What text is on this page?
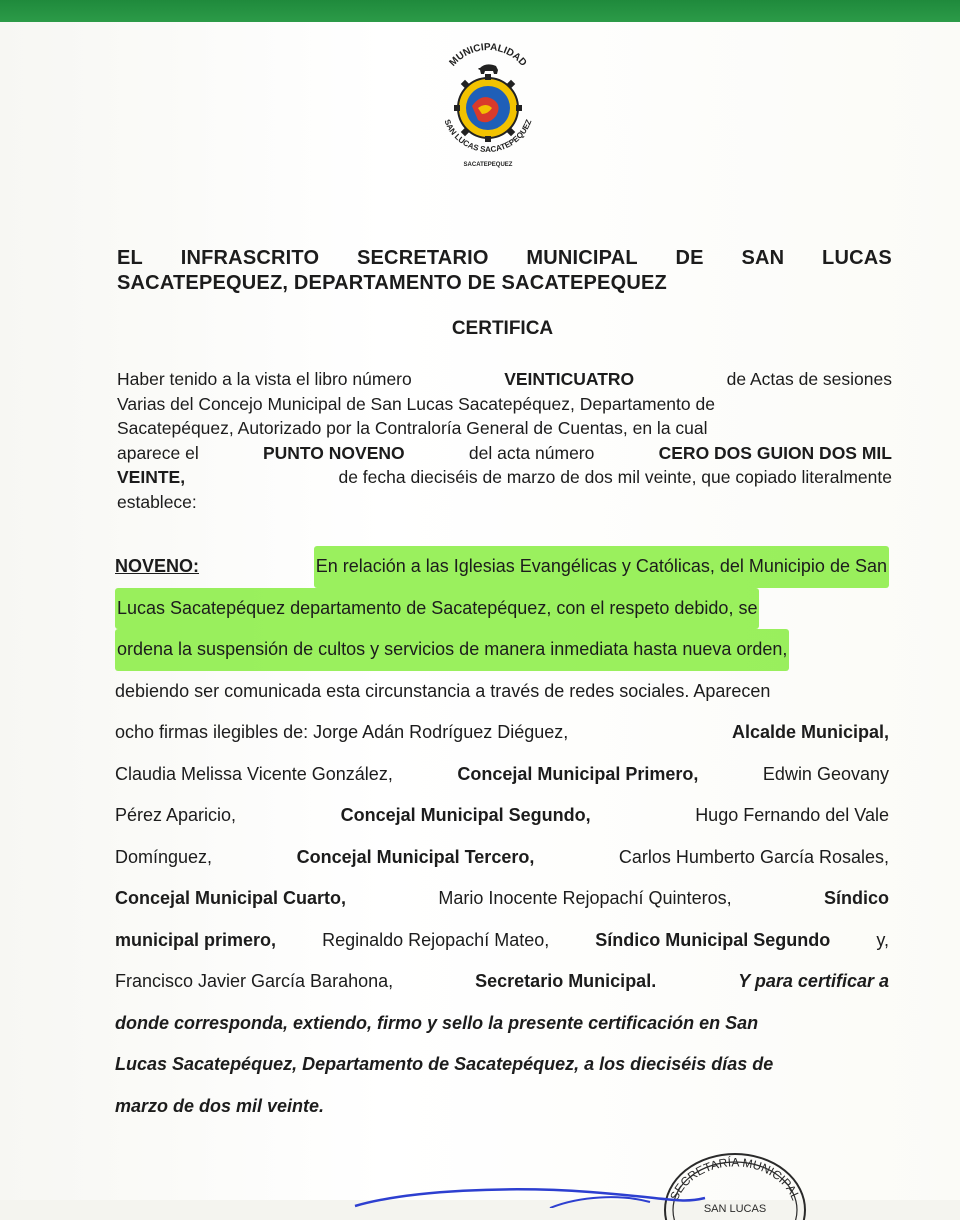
MUNICIPALIDAD
SAN LUCAS SACATEPEQUEZ
SACATEPEQUEZ
EL INFRASCRITO SECRETARIO MUNICIPAL DE SAN LUCAS
SACATEPEQUEZ, DEPARTAMENTO DE SACATEPEQUEZ
CERTIFICA
Haber tenido a la vista el libro número	VEINTICUATRO	de Actas de sesiones
Varias del Concejo Municipal de San Lucas Sacatepéquez, Departamento de
Sacatepéquez, Autorizado por la Contraloría General de Cuentas, en la cual
aparece el	PUNTO NOVENO	del acta número	CERO DOS GUION DOS MIL
VEINTE,	de fecha dieciséis de marzo de dos mil veinte, que copiado literalmente
establece:
NOVENO:	En relación a las Iglesias Evangélicas y Católicas, del Municipio de San
Lucas Sacatepéquez departamento de Sacatepéquez, con el respeto debido, se
ordena la suspensión de cultos y servicios de manera inmediata hasta nueva orden,
debiendo ser comunicada esta circunstancia a través de redes sociales. Aparecen
ocho firmas ilegibles de: Jorge Adán Rodríguez Diéguez,	Alcalde Municipal,
Claudia Melissa Vicente González,	Concejal Municipal Primero,	Edwin Geovany
Pérez Aparicio,	Concejal Municipal Segundo,	Hugo Fernando del Vale
Domínguez,	Concejal Municipal Tercero,	Carlos Humberto García Rosales,
Concejal Municipal Cuarto,	Mario Inocente Rejopachí Quinteros,	Síndico
municipal primero,	Reginaldo Rejopachí Mateo,	Síndico Municipal Segundo	y,
Francisco Javier García Barahona,	Secretario Municipal.	Y para certificar a
donde corresponda, extiendo, firmo y sello la presente certificación en San
Lucas Sacatepéquez, Departamento de Sacatepéquez, a los dieciséis días de
marzo de dos mil veinte.
SECRETARÍA MUNICIPAL
SAN LUCAS
